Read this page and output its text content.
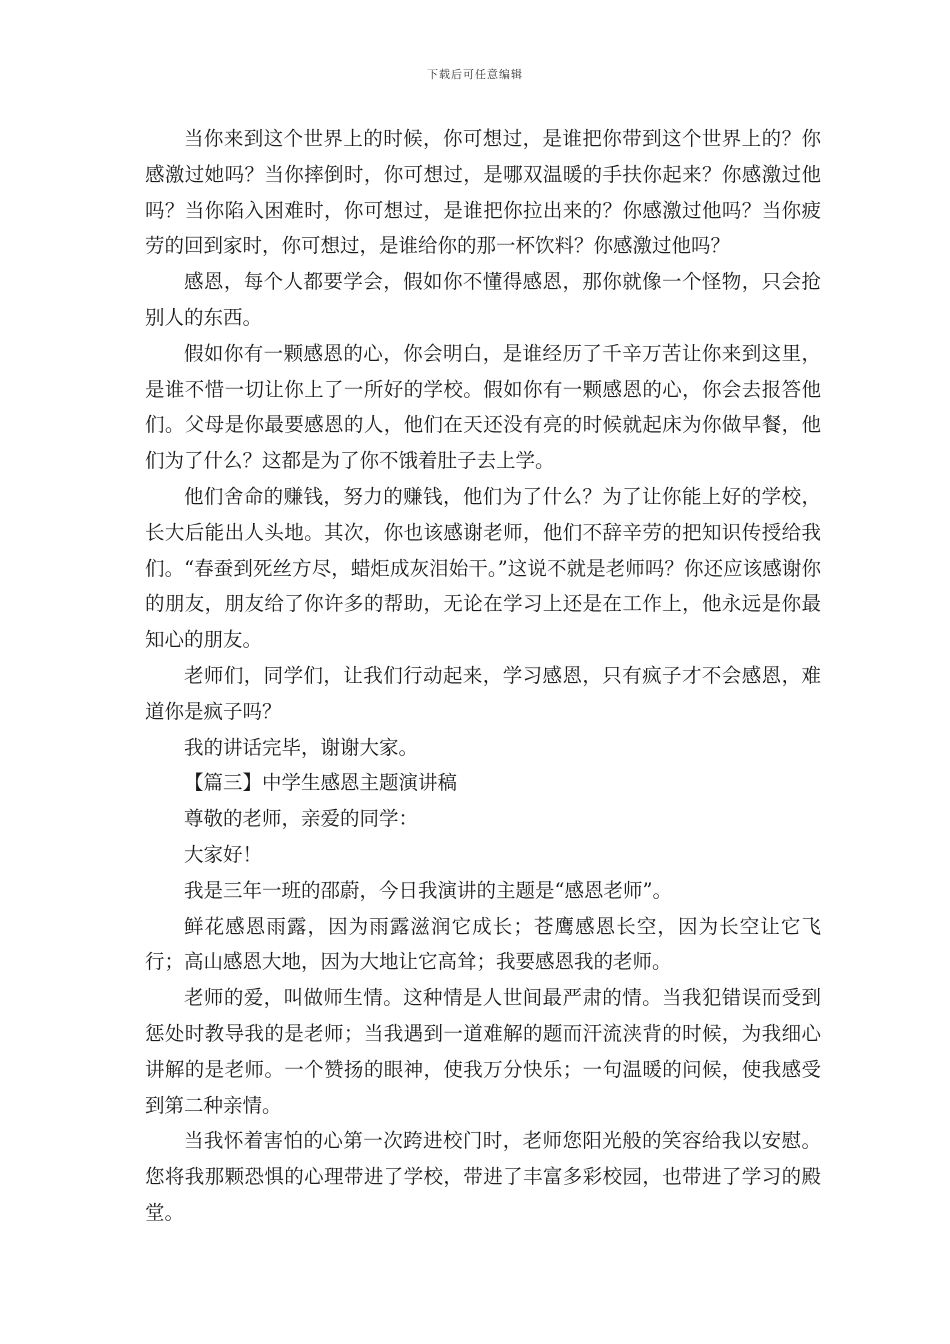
下载后可任意编辑

当你来到这个世界上的时候，你可想过，是谁把你带到这个世界上的？你感激过她吗？当你摔倒时，你可想过，是哪双温暖的手扶你起来？你感激过他吗？当你陷入困难时，你可想过，是谁把你拉出来的？你感激过他吗？当你疲劳的回到家时，你可想过，是谁给你的那一杯饮料？你感激过他吗？

感恩，每个人都要学会，假如你不懂得感恩，那你就像一个怪物，只会抢别人的东西。

假如你有一颗感恩的心，你会明白，是谁经历了千辛万苦让你来到这里，是谁不惜一切让你上了一所好的学校。假如你有一颗感恩的心，你会去报答他们。父母是你最要感恩的人，他们在天还没有亮的时候就起床为你做早餐，他们为了什么？这都是为了你不饿着肚子去上学。

他们舍命的赚钱，努力的赚钱，他们为了什么？为了让你能上好的学校，长大后能出人头地。其次，你也该感谢老师，他们不辞辛劳的把知识传授给我们。“春蚕到死丝方尽，蜡炬成灰泪始干。”这说不就是老师吗？你还应该感谢你的朋友，朋友给了你许多的帮助，无论在学习上还是在工作上，他永远是你最知心的朋友。

老师们，同学们，让我们行动起来，学习感恩，只有疯子才不会感恩，难道你是疯子吗？

我的讲话完毕，谢谢大家。

【篇三】中学生感恩主题演讲稿

尊敬的老师，亲爱的同学：

大家好！

我是三年一班的邵蔚，今日我演讲的主题是“感恩老师”。

鲜花感恩雨露，因为雨露滋润它成长；苍鹰感恩长空，因为长空让它飞行；高山感恩大地，因为大地让它高耸；我要感恩我的老师。

老师的爱，叫做师生情。这种情是人世间最严肃的情。当我犯错误而受到惩处时教导我的是老师；当我遇到一道难解的题而汗流浃背的时候，为我细心讲解的是老师。一个赞扬的眼神，使我万分快乐；一句温暖的问候，使我感受到第二种亲情。

当我怀着害怕的心第一次跨进校门时，老师您阳光般的笑容给我以安慰。您将我那颗恐惧的心理带进了学校，带进了丰富多彩校园，也带进了学习的殿堂。
